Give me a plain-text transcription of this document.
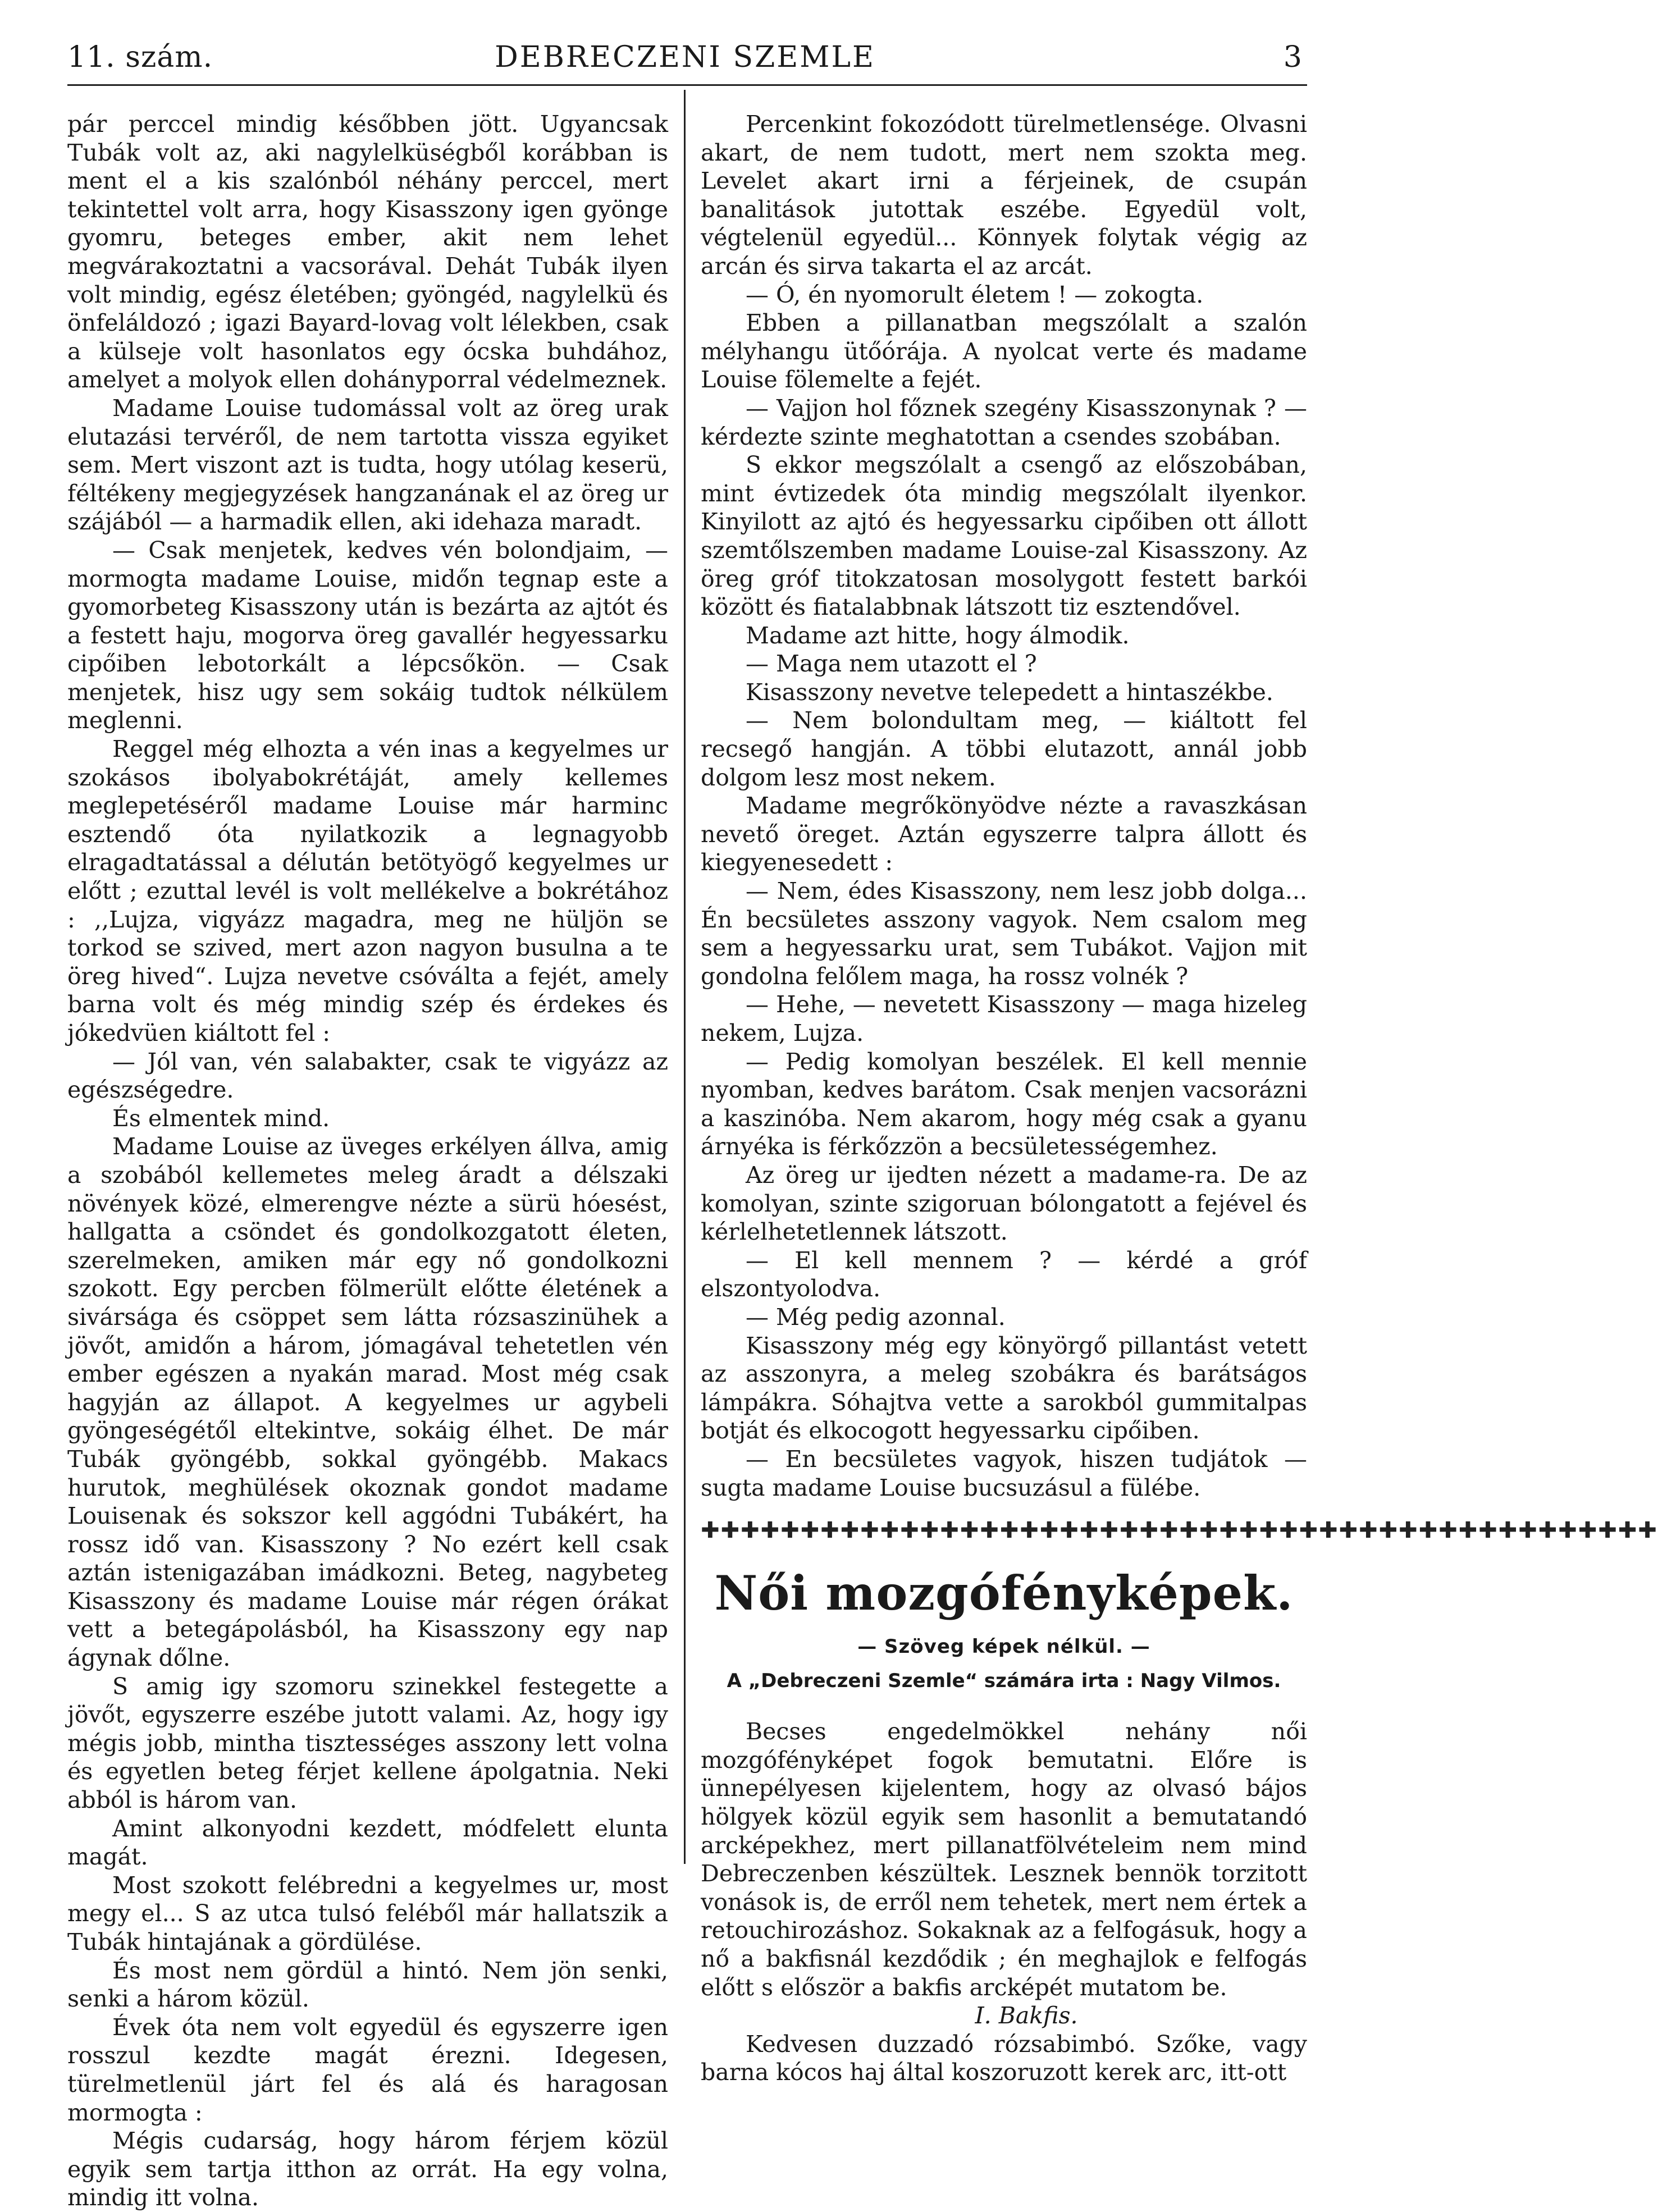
11. szám.	DEBRECZENI SZEMLE	3

pár perccel mindig későbben jött. Ugyancsak Tubák volt az, aki nagylelküségből korábban is ment el a kis szalónból néhány perccel, mert tekintettel volt arra, hogy Kisasszony igen gyönge gyomru, beteges ember, akit nem lehet megvárakoztatni a vacsorával. Dehát Tubák ilyen volt mindig, egész életében; gyöngéd, nagylelkü és önfeláldozó ; igazi Bayard-lovag volt lélekben, csak a külseje volt hasonlatos egy ócska buhdához, amelyet a molyok ellen dohányporral védelmeznek.

Madame Louise tudomással volt az öreg urak elutazási tervéről, de nem tartotta vissza egyiket sem. Mert viszont azt is tudta, hogy utólag keserü, féltékeny megjegyzések hangzanának el az öreg ur szájából — a harmadik ellen, aki idehaza maradt.

— Csak menjetek, kedves vén bolondjaim, — mormogta madame Louise, midőn tegnap este a gyomorbeteg Kisasszony után is bezárta az ajtót és a festett haju, mogorva öreg gavallér hegyessarku cipőiben lebotorkált a lépcsőkön. — Csak menjetek, hisz ugy sem sokáig tudtok nélkülem meglenni.

Reggel még elhozta a vén inas a kegyelmes ur szokásos ibolyabokrétáját, amely kellemes meglepetéséről madame Louise már harminc esztendő óta nyilatkozik a legnagyobb elragadtatással a délután betötyögő kegyelmes ur előtt ; ezuttal levél is volt mellékelve a bokrétához : ,,Lujza, vigyázz magadra, meg ne hüljön se torkod se szived, mert azon nagyon busulna a te öreg hived“. Lujza nevetve csóválta a fejét, amely barna volt és még mindig szép és érdekes és jókedvüen kiáltott fel :

— Jól van, vén salabakter, csak te vigyázz az egészségedre.

És elmentek mind.

Madame Louise az üveges erkélyen állva, amig a szobából kellemetes meleg áradt a délszaki növények közé, elmerengve nézte a sürü hóesést, hallgatta a csöndet és gondolkozgatott életen, szerelmeken, amiken már egy nő gondolkozni szokott. Egy percben fölmerült előtte életének a sivársága és csöppet sem látta rózsaszinühek a jövőt, amidőn a három, jómagával tehetetlen vén ember egészen a nyakán marad. Most még csak hagyján az állapot. A kegyelmes ur agybeli gyöngeségétől eltekintve, sokáig élhet. De már Tubák gyöngébb, sokkal gyöngébb. Makacs hurutok, meghülések okoznak gondot madame Louisenak és sokszor kell aggódni Tubákért, ha rossz idő van. Kisasszony ? No ezért kell csak aztán istenigazában imádkozni. Beteg, nagybeteg Kisasszony és madame Louise már régen órákat vett a betegápolásból, ha Kisasszony egy nap ágynak dőlne.

S amig igy szomoru szinekkel festegette a jövőt, egyszerre eszébe jutott valami. Az, hogy igy mégis jobb, mintha tisztességes asszony lett volna és egyetlen beteg férjet kellene ápolgatnia. Neki abból is három van.

Amint alkonyodni kezdett, módfelett elunta magát.

Most szokott felébredni a kegyelmes ur, most megy el... S az utca tulsó feléből már hallatszik a Tubák hintajának a gördülése.

És most nem gördül a hintó. Nem jön senki, senki a három közül.

Évek óta nem volt egyedül és egyszerre igen rosszul kezdte magát érezni. Idegesen, türelmetlenül járt fel és alá és haragosan mormogta :

Mégis cudarság, hogy három férjem közül egyik sem tartja itthon az orrát. Ha egy volna, mindig itt volna.

Percenkint fokozódott türelmetlensége. Olvasni akart, de nem tudott, mert nem szokta meg. Levelet akart irni a férjeinek, de csupán banalitások jutottak eszébe. Egyedül volt, végtelenül egyedül... Könnyek folytak végig az arcán és sirva takarta el az arcát.

— Ó, én nyomorult életem ! — zokogta.

Ebben a pillanatban megszólalt a szalón mélyhangu ütőórája. A nyolcat verte és madame Louise fölemelte a fejét.

— Vajjon hol főznek szegény Kisasszonynak ? — kérdezte szinte meghatottan a csendes szobában.

S ekkor megszólalt a csengő az előszobában, mint évtizedek óta mindig megszólalt ilyenkor. Kinyilott az ajtó és hegyessarku cipőiben ott állott szemtőlszemben madame Louise-zal Kisasszony. Az öreg gróf titokzatosan mosolygott festett barkói között és fiatalabbnak látszott tiz esztendővel.

Madame azt hitte, hogy álmodik.

— Maga nem utazott el ?

Kisasszony nevetve telepedett a hintaszékbe.

— Nem bolondultam meg, — kiáltott fel recsegő hangján. A többi elutazott, annál jobb dolgom lesz most nekem.

Madame megrőkönyödve nézte a ravaszkásan nevető öreget. Aztán egyszerre talpra állott és kiegyenesedett :

— Nem, édes Kisasszony, nem lesz jobb dolga... Én becsületes asszony vagyok. Nem csalom meg sem a hegyessarku urat, sem Tubákot. Vajjon mit gondolna felőlem maga, ha rossz volnék ?

— Hehe, — nevetett Kisasszony — maga hizeleg nekem, Lujza.

— Pedig komolyan beszélek. El kell mennie nyomban, kedves barátom. Csak menjen vacsorázni a kaszinóba. Nem akarom, hogy még csak a gyanu árnyéka is férkőzzön a becsületességemhez.

Az öreg ur ijedten nézett a madame-ra. De az komolyan, szinte szigoruan bólongatott a fejével és kérlelhetetlennek látszott.

— El kell mennem ? — kérdé a gróf elszontyolodva.

— Még pedig azonnal.

Kisasszony még egy könyörgő pillantást vetett az asszonyra, a meleg szobákra és barátságos lámpákra. Sóhajtva vette a sarokból gummitalpas botját és elkocogott hegyessarku cipőiben.

— En becsületes vagyok, hiszen tudjátok — sugta madame Louise bucsuzásul a fülébe.

✚✚✚✚✚✚✚✚✚✚✚✚✚✚✚✚✚✚✚✚✚✚✚✚✚✚✚✚✚✚✚✚✚✚✚✚✚✚✚✚✚✚✚✚✚✚✚✚
Női mozgófényképek.
— Szöveg képek nélkül. —
A „Debreczeni Szemle“ számára irta : Nagy Vilmos.

Becses engedelmökkel nehány női mozgófényképet fogok bemutatni. Előre is ünnepélyesen kijelentem, hogy az olvasó bájos hölgyek közül egyik sem hasonlit a bemutatandó arcképekhez, mert pillanatfölvételeim nem mind Debreczenben készültek. Lesznek bennök torzitott vonások is, de erről nem tehetek, mert nem értek a retouchirozáshoz. Sokaknak az a felfogásuk, hogy a nő a bakfisnál kezdődik ; én meghajlok e felfogás előtt s először a bakfis arcképét mutatom be.

I. Bakfis.

Kedvesen duzzadó rózsabimbó. Szőke, vagy barna kócos haj által koszoruzott kerek arc, itt-ott
